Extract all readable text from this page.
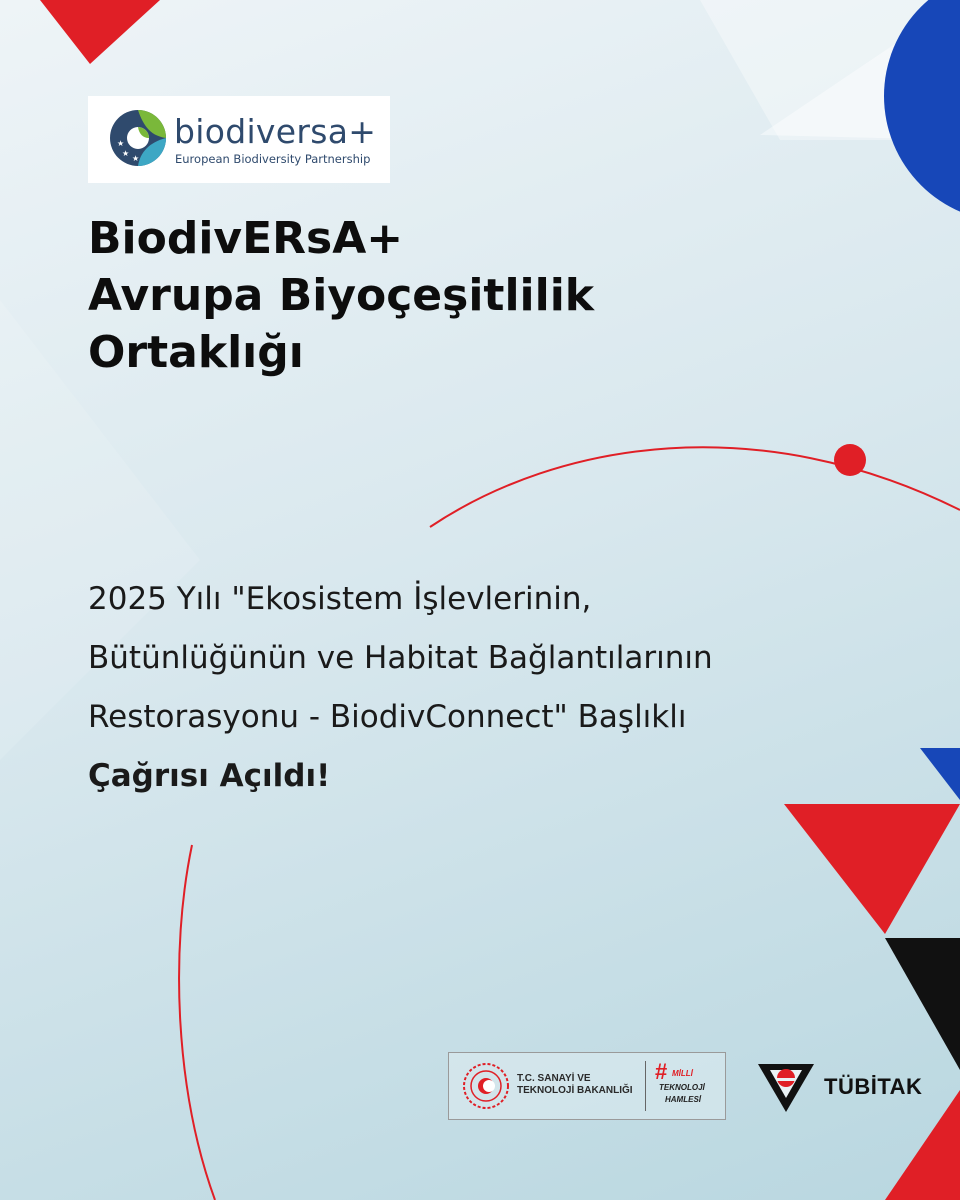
★
★
★
biodiversa+
European Biodiversity Partnership
BiodivERsA+
Avrupa Biyoçeşitlilik
Ortaklığı

2025 Yılı "Ekosistem İşlevlerinin,
Bütünlüğünün ve Habitat Bağlantılarının
Restorasyonu - BiodivConnect" Başlıklı
Çağrısı Açıldı!

T.C. SANAYİ VE
TEKNOLOJİ BAKANLIĞI
# MİLLİ
TEKNOLOJİ
HAMLESİ
TÜBİTAK
